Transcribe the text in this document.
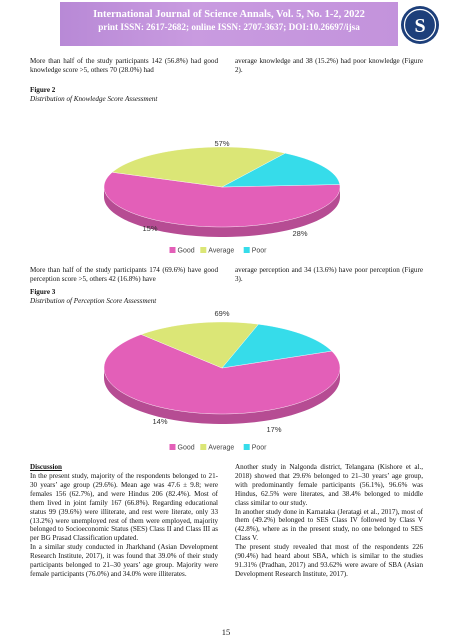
International Journal of Science Annals, Vol. 5, No. 1-2, 2022
print ISSN: 2617-2682; online ISSN: 2707-3637; DOI:10.26697/ijsa	S
More than half of the study participants 142 (56.8%) had good knowledge score >5, others 70 (28.0%) had
average knowledge and 38 (15.2%) had poor knowledge (Figure 2).
Figure 2
Distribution of Knowledge Score Assessment
57%
28%
15%
Good Average Poor
More than half of the study participants 174 (69.6%) have good perception score >5, others 42 (16.8%) have
average perception and 34 (13.6%) have poor perception (Figure 3).
Figure 3
Distribution of Perception Score Assessment
69%
17%
14%
Good Average Poor
Discussion
In the present study, majority of the respondents belonged to 21-30 years’ age group (29.6%). Mean age was 47.6 ± 9.8; were females 156 (62.7%), and were Hindus 206 (82.4%). Most of them lived in joint family 167 (66.8%). Regarding educational status 99 (39.6%) were illiterate, and rest were literate, only 33 (13.2%) were unemployed rest of them were employed, majority belonged to Socioeconomic Status (SES) Class II and Class III as per BG Prasad Classification updated.
In a similar study conducted in Jharkhand (Asian Development Research Institute, 2017), it was found that 39.0% of their study participants belonged to 21–30 years’ age group. Majority were female participants (76.0%) and 34.0% were illiterates.
Another study in Nalgonda district, Telangana (Kishore et al., 2018) showed that 29.6% belonged to 21–30 years’ age group, with predominantly female participants (56.1%), 96.6% was Hindus, 62.5% were literates, and 38.4% belonged to middle class similar to our study.
In another study done in Karnataka (Jeratagi et al., 2017), most of them (49.2%) belonged to SES Class IV followed by Class V (42.8%), where as in the present study, no one belonged to SES Class V.
The present study revealed that most of the respondents 226 (90.4%) had heard about SBA, which is similar to the studies 91.31% (Pradhan, 2017) and 93.62% were aware of SBA (Asian Development Research Institute, 2017).
15
